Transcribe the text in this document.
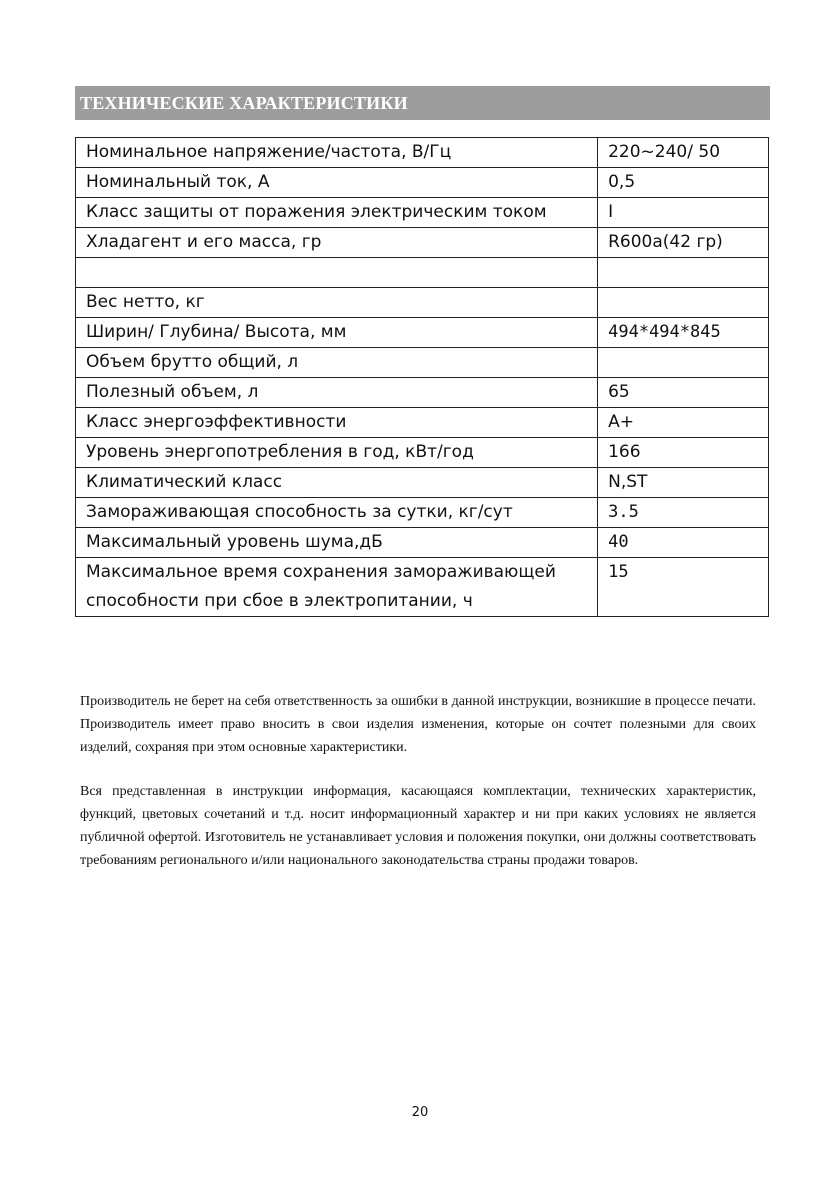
ТЕХНИЧЕСКИЕ ХАРАКТЕРИСТИКИ
Номинальное напряжение/частота, В/Гц	220~240/ 50
Номинальный ток, А	0,5
Класс защиты от поражения электрическим током	I
Хладагент и его масса, гр	R600a(42 гр)

Вес нетто, кг	
Ширин/ Глубина/ Высота, мм	494*494*845
Объем брутто общий, л	
Полезный объем, л	65
Класс энергоэффективности	А+
Уровень энергопотребления в год, кВт/год	166
Климатический класс	N,ST
Замораживающая способность за сутки, кг/сут	3.5
Максимальный уровень шума,дБ	40

Максимальное время сохранения замораживающей
способности при сбое в электропитании, ч	15

Производитель не берет на себя ответственность за ошибки в данной инструкции, возникшие в процессе печати. Производитель имеет право вносить в свои изделия изменения, которые он сочтет полезными для своих изделий, сохраняя при этом основные характеристики.

Вся представленная в инструкции информация, касающаяся комплектации, технических характеристик, функций, цветовых сочетаний и т.д. носит информационный характер и ни при каких условиях не является публичной офертой. Изготовитель не устанавливает условия и положения покупки, они должны соответствовать требованиям регионального и/или национального законодательства страны продажи товаров.

20
